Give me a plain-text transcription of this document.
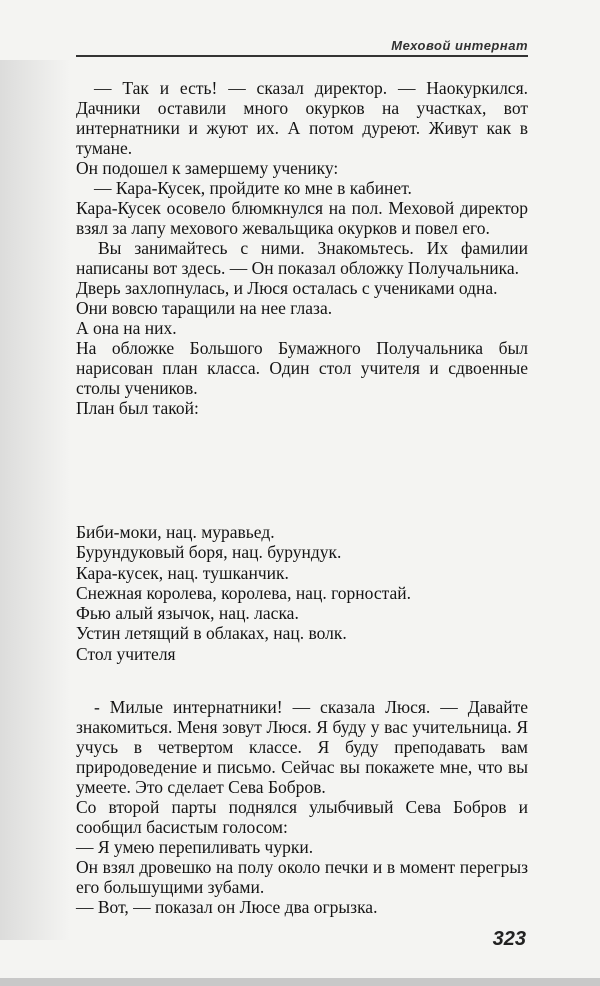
Меховой интернат

— Так и есть! — сказал директор. — Наокуркился. Дачники оставили много окурков на участках, вот интернатники и жуют их. А потом дуреют. Живут как в тумане.

Он подошел к замершему ученику:

— Кара-Кусек, пройдите ко мне в кабинет.

Кара-Кусек осовело блюмкнулся на пол. Меховой директор взял за лапу мехового жевальщика окурков и повел его.

Вы занимайтесь с ними. Знакомьтесь. Их фамилии написаны вот здесь. — Он показал обложку Получальника.

Дверь захлопнулась, и Люся осталась с учениками одна.

Они вовсю таращили на нее глаза.

А она на них.

На обложке Большого Бумажного Получальника был нарисован план класса. Один стол учителя и сдвоенные столы учеников.

План был такой:

Биби-моки, нац. муравьед.

Бурундуковый боря, нац. бурундук.

Кара-кусек, нац. тушканчик.

Снежная королева, королева, нац. горностай.

Фью алый язычок, нац. ласка.

Устин летящий в облаках, нац. волк.

Стол учителя

- Милые интернатники! — сказала Люся. — Давайте знакомиться. Меня зовут Люся. Я буду у вас учительница. Я учусь в четвертом классе. Я буду преподавать вам природоведение и письмо. Сейчас вы покажете мне, что вы умеете. Это сделает Сева Бобров.

Со второй парты поднялся улыбчивый Сева Бобров и сообщил басистым голосом:

— Я умею перепиливать чурки.

Он взял дровешко на полу около печки и в момент перегрыз его большущими зубами.

— Вот, — показал он Люсе два огрызка.

323
